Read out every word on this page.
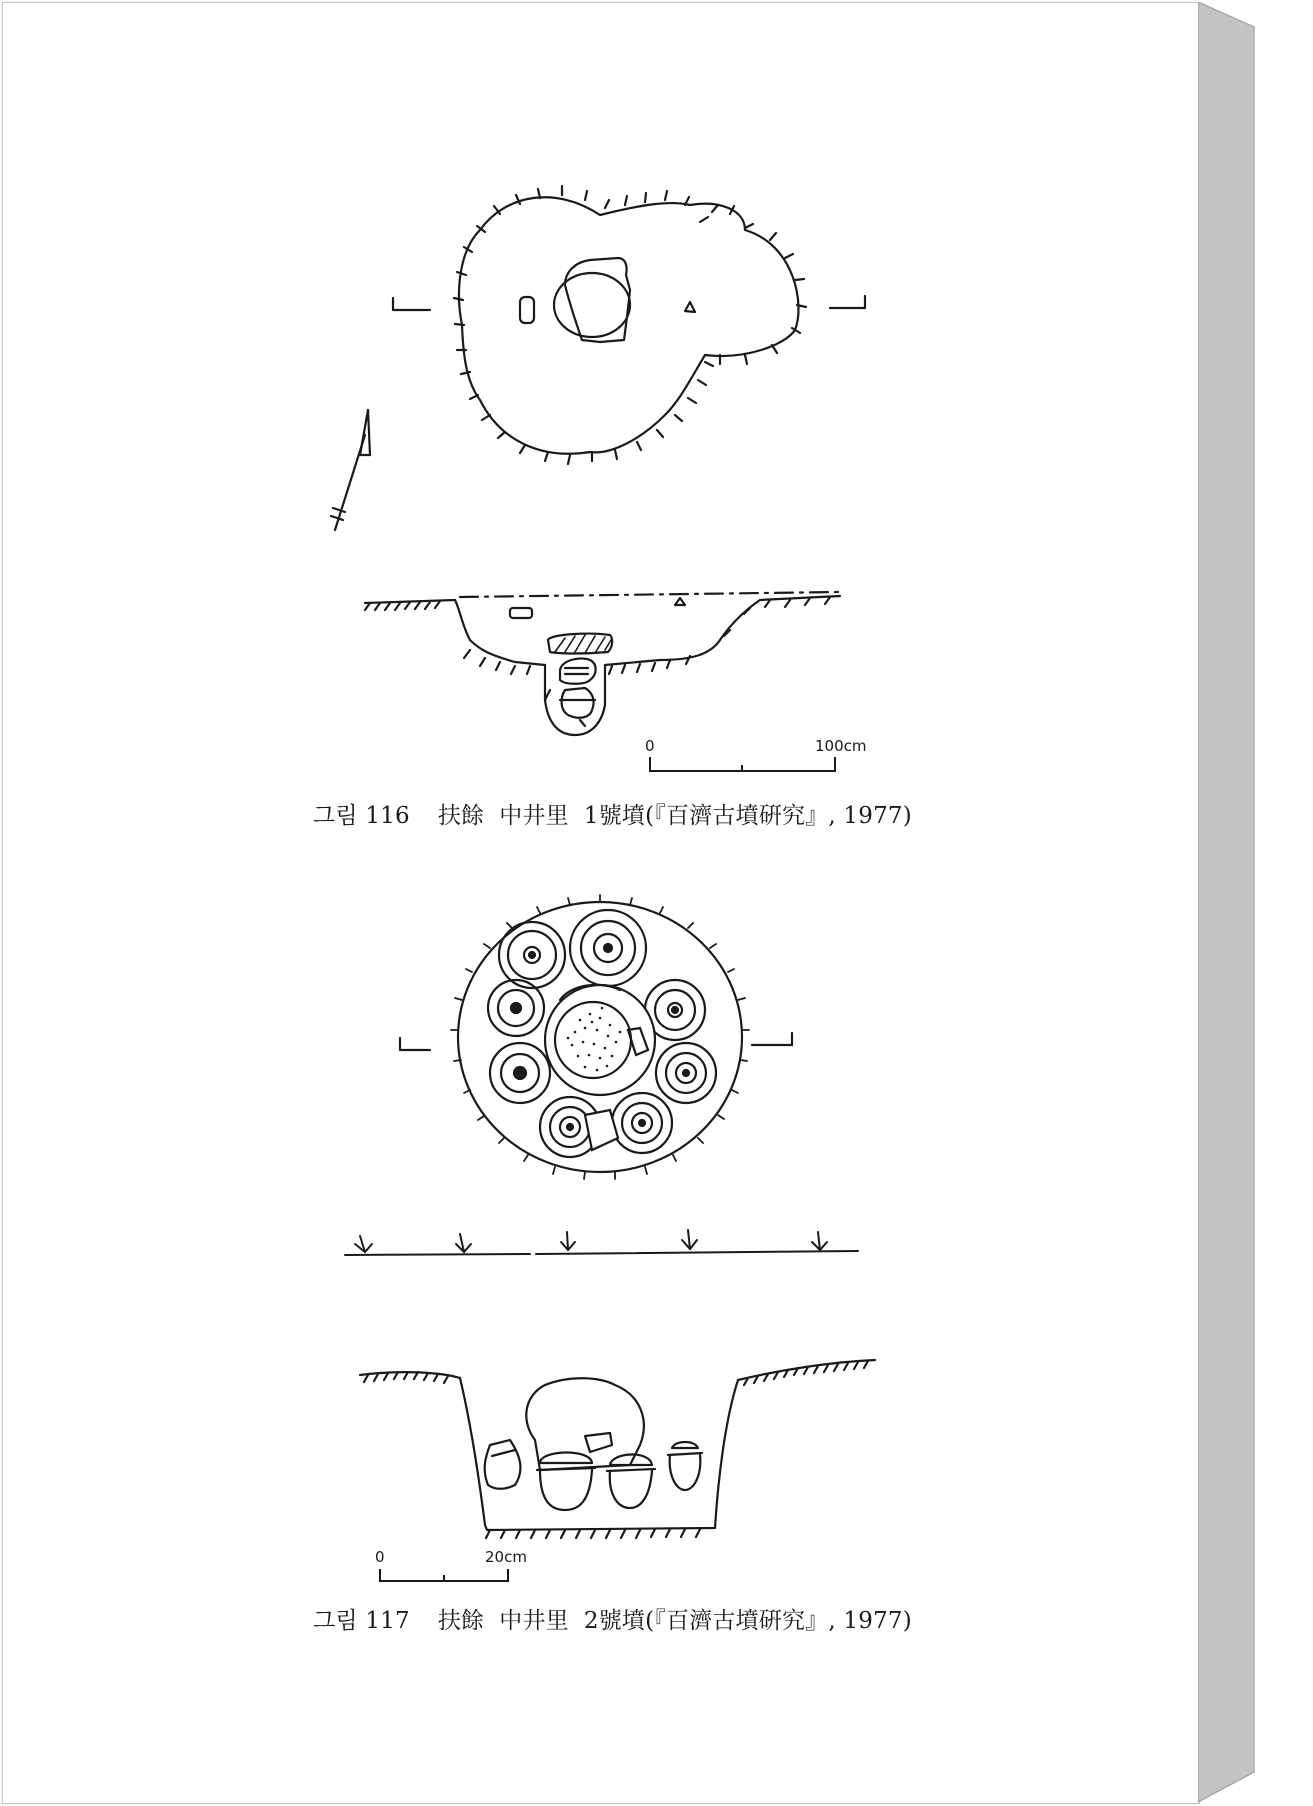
0	100cm
그림 116 扶餘  中井里  1號墳(『百濟古墳硏究』, 1977)
0	20cm
그림 117 扶餘  中井里  2號墳(『百濟古墳硏究』, 1977)
